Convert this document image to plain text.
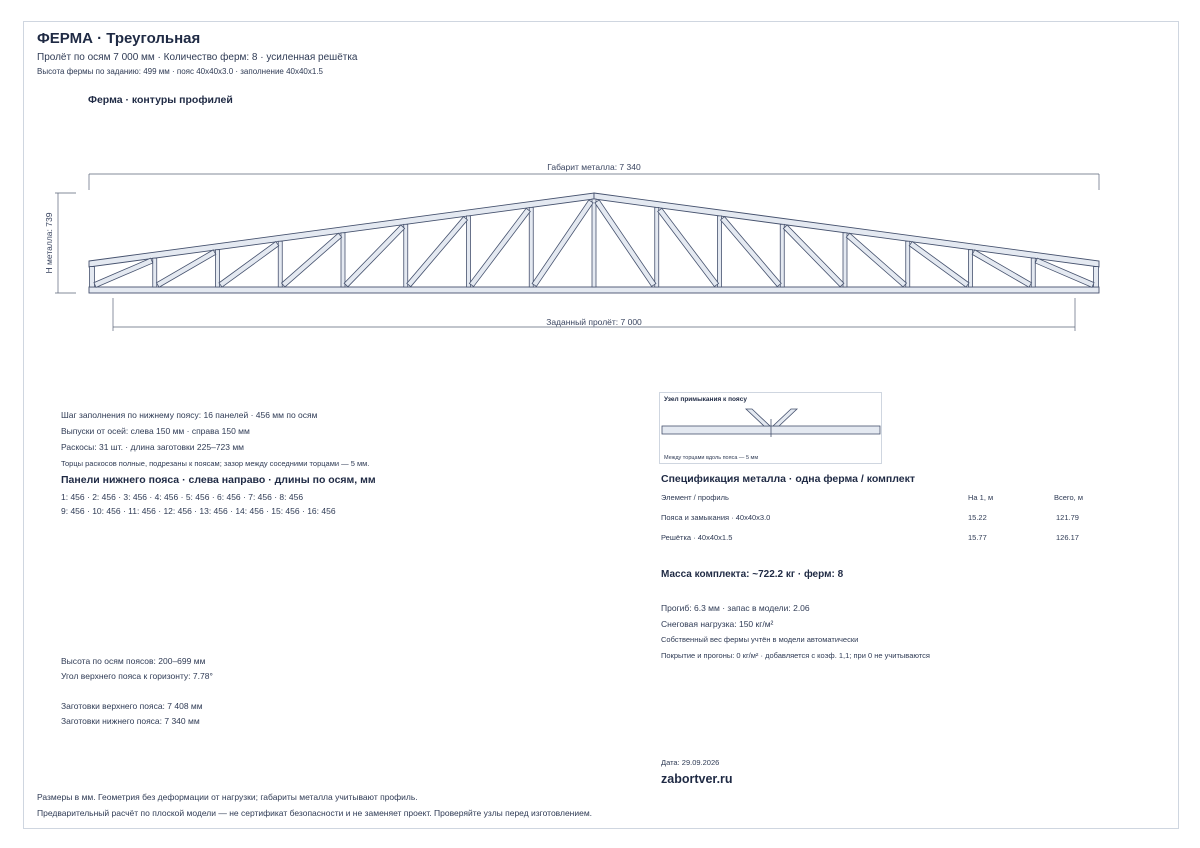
ФЕРМА · Треугольная
Пролёт по осям 7 000 мм · Количество ферм: 8 · усиленная решётка
Высота фермы по заданию: 499 мм · пояс 40x40x3.0 · заполнение 40x40x1.5
Ферма · контуры профилей
Габарит металла: 7 340
Заданный пролёт: 7 000
H металла: 739
Шаг заполнения по нижнему поясу: 16 панелей · 456 мм по осям
Выпуски от осей: слева 150 мм · справа 150 мм
Раскосы: 31 шт. · длина заготовки 225–723 мм
Торцы раскосов полные, подрезаны к поясам; зазор между соседними торцами — 5 мм.
Панели нижнего пояса · слева направо · длины по осям, мм
1: 456 · 2: 456 · 3: 456 · 4: 456 · 5: 456 · 6: 456 · 7: 456 · 8: 456
9: 456 · 10: 456 · 11: 456 · 12: 456 · 13: 456 · 14: 456 · 15: 456 · 16: 456
Высота по осям поясов: 200–699 мм
Угол верхнего пояса к горизонту: 7.78°
Заготовки верхнего пояса: 7 408 мм
Заготовки нижнего пояса: 7 340 мм
Узел примыкания к поясу
Между торцами вдоль пояса — 5 мм
Спецификация металла · одна ферма / комплект
Элемент / профиль	На 1, м	Всего, м
Пояса и замыкания · 40x40x3.0	15.22	121.79
Решётка · 40x40x1.5	15.77	126.17
Масса комплекта: ~722.2 кг · ферм: 8
Прогиб: 6.3 мм · запас в модели: 2.06
Снеговая нагрузка: 150 кг/м²
Собственный вес фермы учтён в модели автоматически
Покрытие и прогоны: 0 кг/м² · добавляется с коэф. 1,1; при 0 не учитываются
Дата: 29.09.2026
zabortver.ru
Размеры в мм. Геометрия без деформации от нагрузки; габариты металла учитывают профиль.
Предварительный расчёт по плоской модели — не сертификат безопасности и не заменяет проект. Проверяйте узлы перед изготовлением.
